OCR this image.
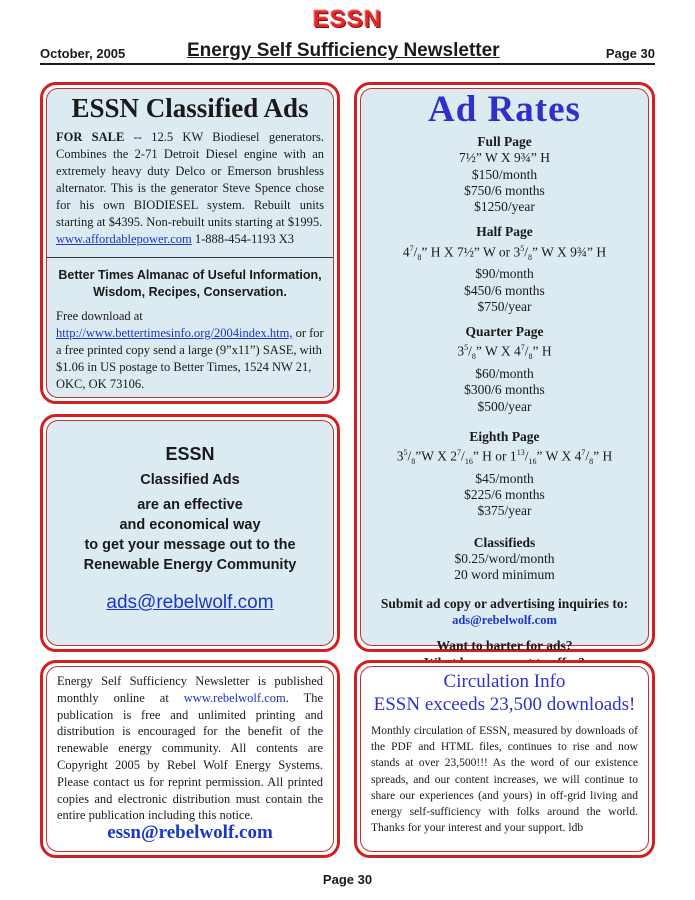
ESSN
October, 2005	Energy Self Sufficiency Newsletter	Page 30
ESSN Classified Ads
FOR SALE -- 12.5 KW Biodiesel generators. Combines the 2-71 Detroit Diesel engine with an extremely heavy duty Delco or Emerson brushless alternator. This is the generator Steve Spence chose for his own BIODIESEL system. Rebuilt units starting at $4395. Non-rebuilt units starting at $1995.
www.affordablepower.com 1-888-454-1193 X3
Better Times Almanac of Useful Information, Wisdom, Recipes, Conservation.
Free download at http://www.bettertimesinfo.org/2004index.htm, or for a free printed copy send a large (9”x11”) SASE, with $1.06 in US postage to Better Times, 1524 NW 21, OKC, OK 73106.
ESSN
Classified Ads
are an effective
and economical way
to get your message out to the
Renewable Energy Community
ads@rebelwolf.com
Ad Rates
Full Page
7½” W X 9¾” H
$150/month
$750/6 months
$1250/year
Half Page
$4^7/_8$” H X 7½” W or $3^5/_8$” W X 9¾” H
$90/month
$450/6 months
$750/year
Quarter Page
$3^5/_8$” W X $4^7/_8$” H
$60/month
$300/6 months
$500/year
Eighth Page
$3^5/_8”W$ X $2^7/_{16}$” H or $1^{13}/_{16}$” W X $4^7/_8$” H
$45/month
$225/6 months
$375/year
Classifieds
$0.25/word/month
20 word minimum
Submit ad copy or advertising inquiries to:
ads@rebelwolf.com
Want to barter for ads?
Energy Self Sufficiency Newsletter is published monthly online at www.rebelwolf.com. The publication is free and unlimited printing and distribution is encouraged for the benefit of the renewable energy community. All contents are Copyright 2005 by Rebel Wolf Energy Systems. Please contact us for reprint permission. All printed copies and electronic distribution must contain the entire publication including this notice.
essn@rebelwolf.com
Circulation Info
ESSN exceeds 23,500 downloads!
Monthly circulation of ESSN, measured by downloads of the PDF and HTML files, continues to rise and now stands at over 23,500!!! As the word of our existence spreads, and our content increases, we will continue to share our experiences (and yours) in off-grid living and energy self-sufficiency with folks around the world. Thanks for your interest and your support. ldb
Page 30
